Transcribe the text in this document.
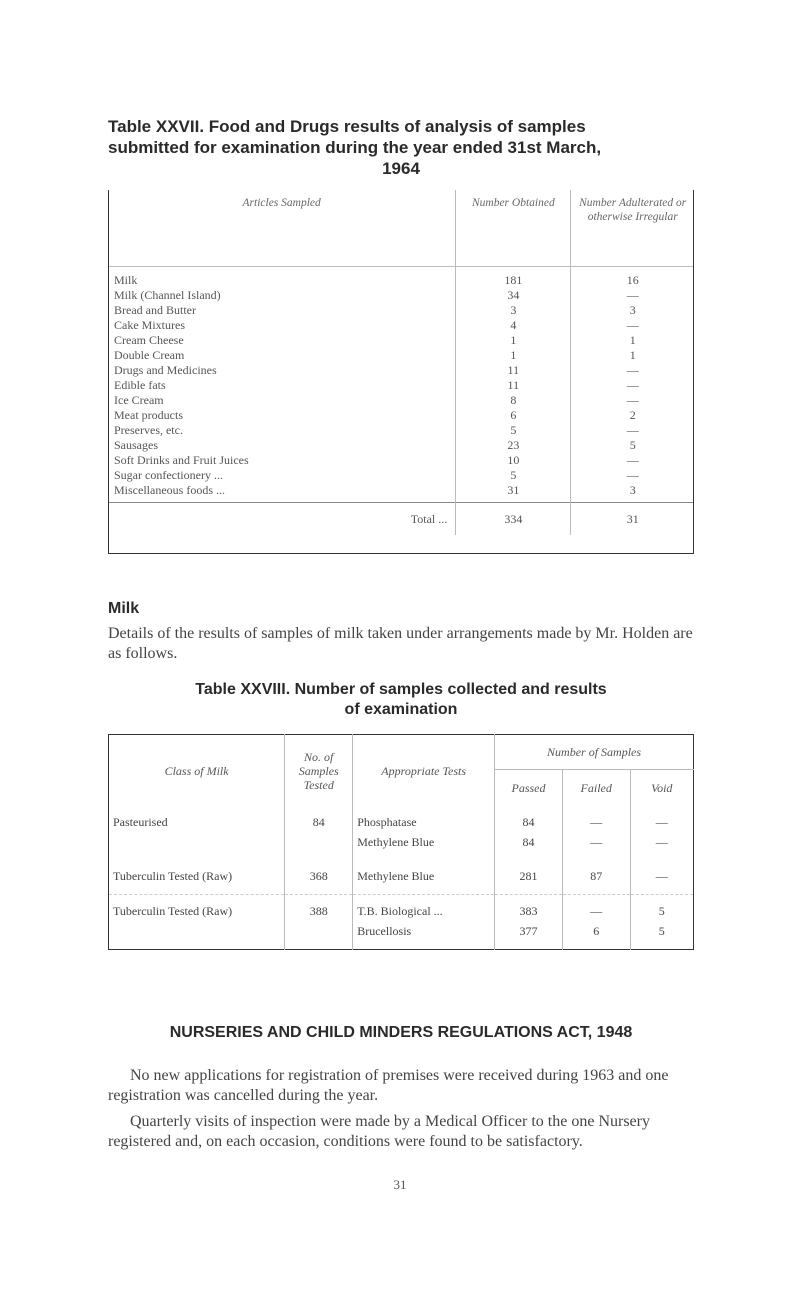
Table XXVII. Food and Drugs results of analysis of samples
submitted for examination during the year ended 31st March,
1964
Articles Sampled	Number Obtained	Number Adulterated or otherwise Irregular
Milk	181	16
Milk (Channel Island)	34	—
Bread and Butter	3	3
Cake Mixtures	4	—
Cream Cheese	1	1
Double Cream	1	1
Drugs and Medicines	11	—
Edible fats	11	—
Ice Cream	8	—
Meat products	6	2
Preserves, etc.	5	—
Sausages	23	5
Soft Drinks and Fruit Juices	10	—
Sugar confectionery ...	5	—
Miscellaneous foods ...	31	3
Total ...	334	31
Milk
Details of the results of samples of milk taken under arrangements made by Mr. Holden are as follows.
Table XXVIII. Number of samples collected and results
of examination
Class of Milk	No. of Samples Tested	Appropriate Tests	Number of Samples		
			Passed	Failed	Void
Pasteurised	84	Phosphatase	84	—	—
		Methylene Blue	84	—	—
Tuberculin Tested (Raw)	368	Methylene Blue	281	87	—
Tuberculin Tested (Raw)	388	T.B. Biological ...	383	—	5
		Brucellosis	377	6	5
NURSERIES AND CHILD MINDERS REGULATIONS ACT, 1948
No new applications for registration of premises were received during 1963 and one registration was cancelled during the year.
Quarterly visits of inspection were made by a Medical Officer to the one Nursery registered and, on each occasion, conditions were found to be satisfactory.
31
